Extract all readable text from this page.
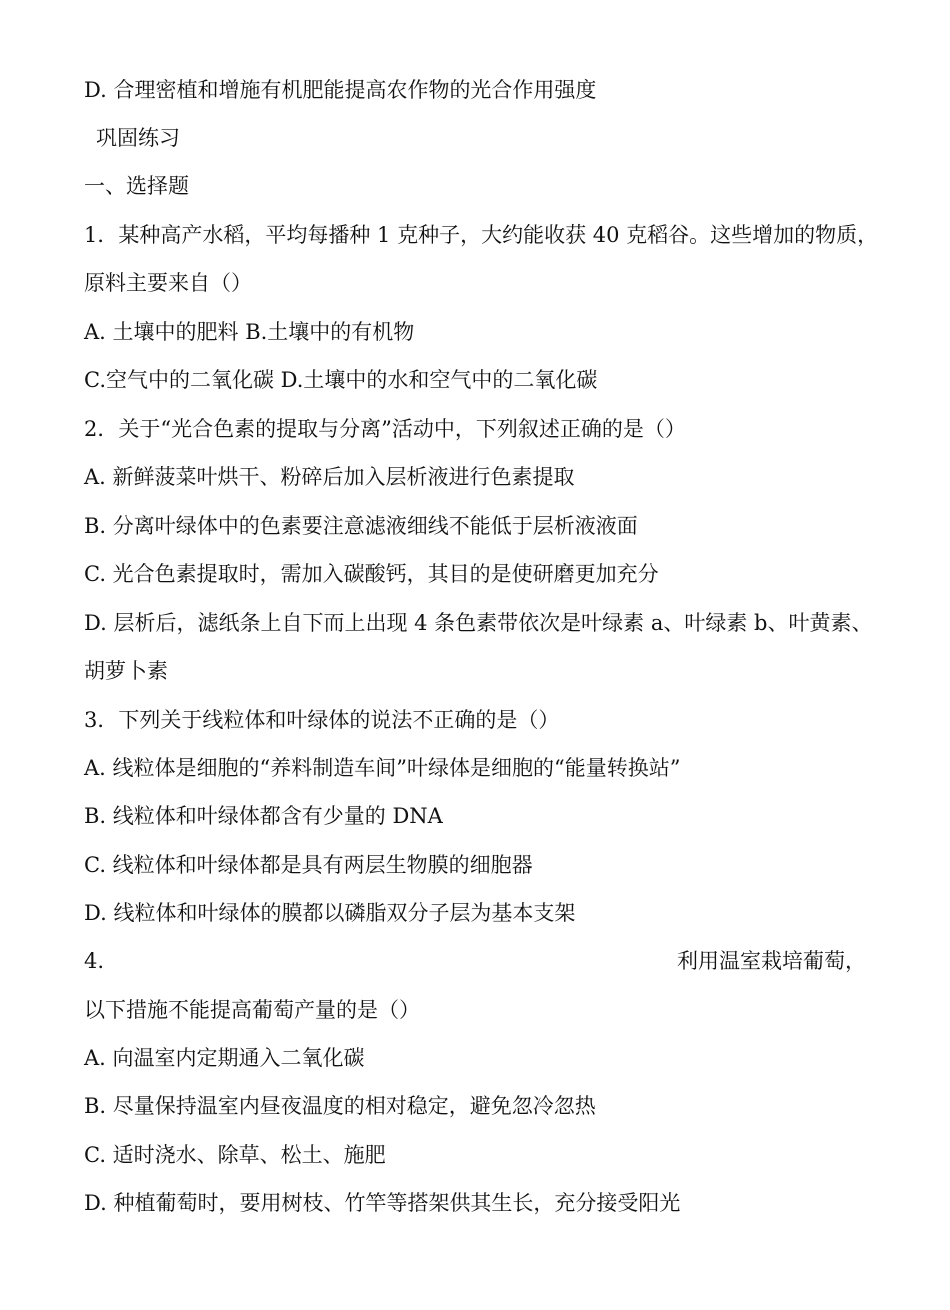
D. 合理密植和增施有机肥能提高农作物的光合作用强度
巩固练习
一、选择题
1．某种高产水稻，平均每播种 1 克种子，大约能收获 40 克稻谷。这些增加的物质，
原料主要来自（）
A. 土壤中的肥料 B.土壤中的有机物
C.空气中的二氧化碳 D.土壤中的水和空气中的二氧化碳
2．关于“光合色素的提取与分离”活动中，下列叙述正确的是（）
A. 新鲜菠菜叶烘干、粉碎后加入层析液进行色素提取
B. 分离叶绿体中的色素要注意滤液细线不能低于层析液液面
C. 光合色素提取时，需加入碳酸钙，其目的是使研磨更加充分
D. 层析后，滤纸条上自下而上出现 4 条色素带依次是叶绿素 a、叶绿素 b、叶黄素、
胡萝卜素
3．下列关于线粒体和叶绿体的说法不正确的是（）
A. 线粒体是细胞的“养料制造车间”叶绿体是细胞的“能量转换站”
B. 线粒体和叶绿体都含有少量的 DNA
C. 线粒体和叶绿体都是具有两层生物膜的细胞器
D. 线粒体和叶绿体的膜都以磷脂双分子层为基本支架
4.	利用温室栽培葡萄，
以下措施不能提高葡萄产量的是（）
A. 向温室内定期通入二氧化碳
B. 尽量保持温室内昼夜温度的相对稳定，避免忽冷忽热
C. 适时浇水、除草、松土、施肥
D. 种植葡萄时，要用树枝、竹竿等搭架供其生长，充分接受阳光
